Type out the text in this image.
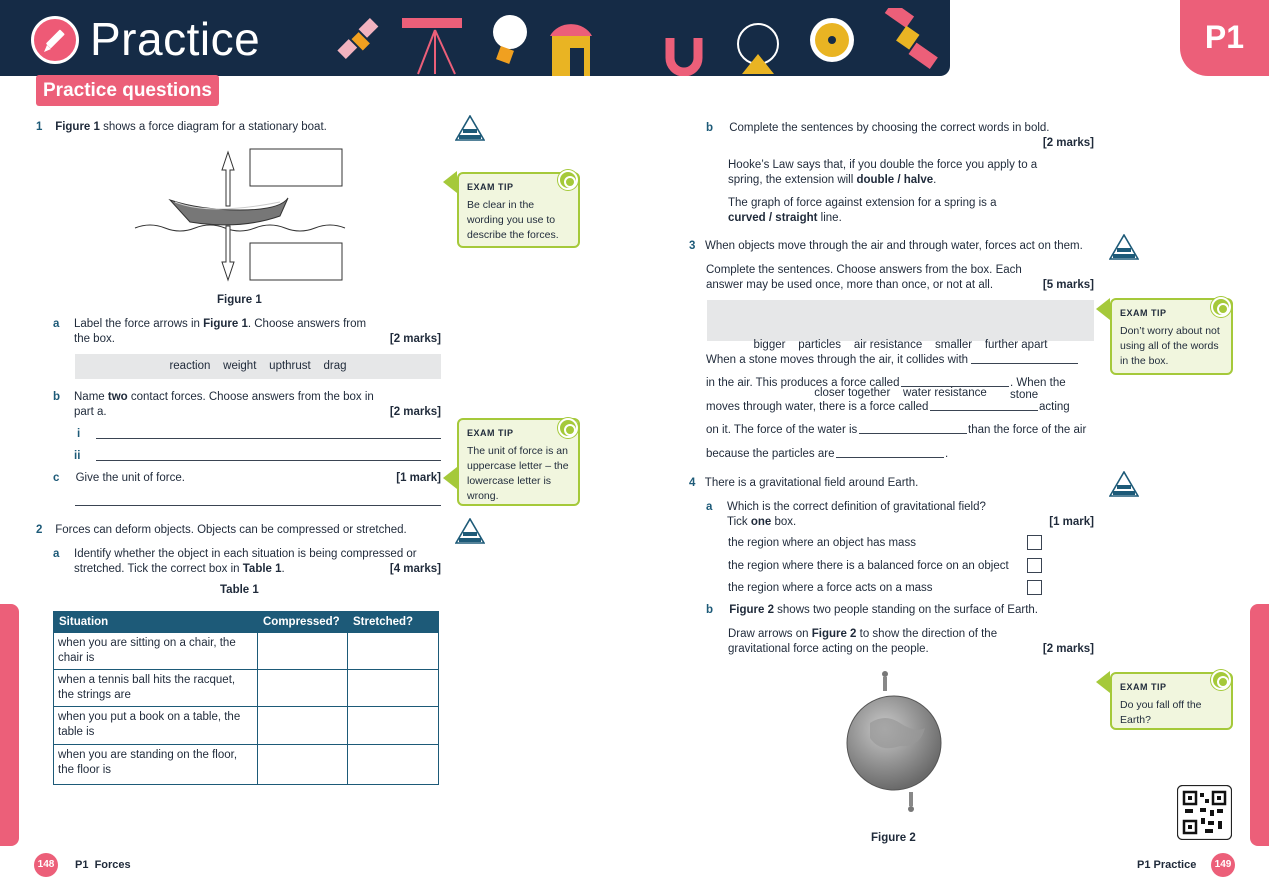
Practice	P1
Practice questions
1 Figure 1 shows a force diagram for a stationary boat.
Figure 1
a Label the force arrows in Figure 1. Choose answers from the box.	[2 marks]
reaction    weight    upthrust    drag
b Name two contact forces. Choose answers from the box in part a.	[2 marks]
i
ii
c Give the unit of force.	[1 mark]
2 Forces can deform objects. Objects can be compressed or stretched.
a Identify whether the object in each situation is being compressed or stretched. Tick the correct box in Table 1.	[4 marks]
Table 1
Situation	Compressed?	Stretched?
when you are sitting on a chair, the chair is		
when a tennis ball hits the racquet, the strings are		
when you put a book on a table, the table is		
when you are standing on the floor, the floor is		
EXAM TIP
Be clear in the wording you use to describe the forces.
EXAM TIP
The unit of force is an uppercase letter – the lowercase letter is wrong.
b Complete the sentences by choosing the correct words in bold.
[2 marks]
Hooke’s Law says that, if you double the force you apply to a spring, the extension will double / halve.
The graph of force against extension for a spring is a curved / straight line.
3 When objects move through the air and through water, forces act on them.
Complete the sentences. Choose answers from the box. Each answer may be used once, more than once, or not at all.	[5 marks]

bigger    particles    air resistance    smaller    further apart

closer together    water resistance

When a stone moves through the air, it collides with
in the air. This produces a force called	. When the stone
moves through water, there is a force called	acting
on it. The force of the water is	than the force of the air
because the particles are	.
4 There is a gravitational field around Earth.
a Which is the correct definition of gravitational field?
Tick one box.	[1 mark]
the region where an object has mass
the region where there is a balanced force on an object
the region where a force acts on a mass
b Figure 2 shows two people standing on the surface of Earth.
Draw arrows on Figure 2 to show the direction of the gravitational force acting on the people.	[2 marks]
Figure 2
EXAM TIP
Don’t worry about not using all of the words in the box.
EXAM TIP
Do you fall off the Earth?
148	P1  Forces	P1 Practice	149
